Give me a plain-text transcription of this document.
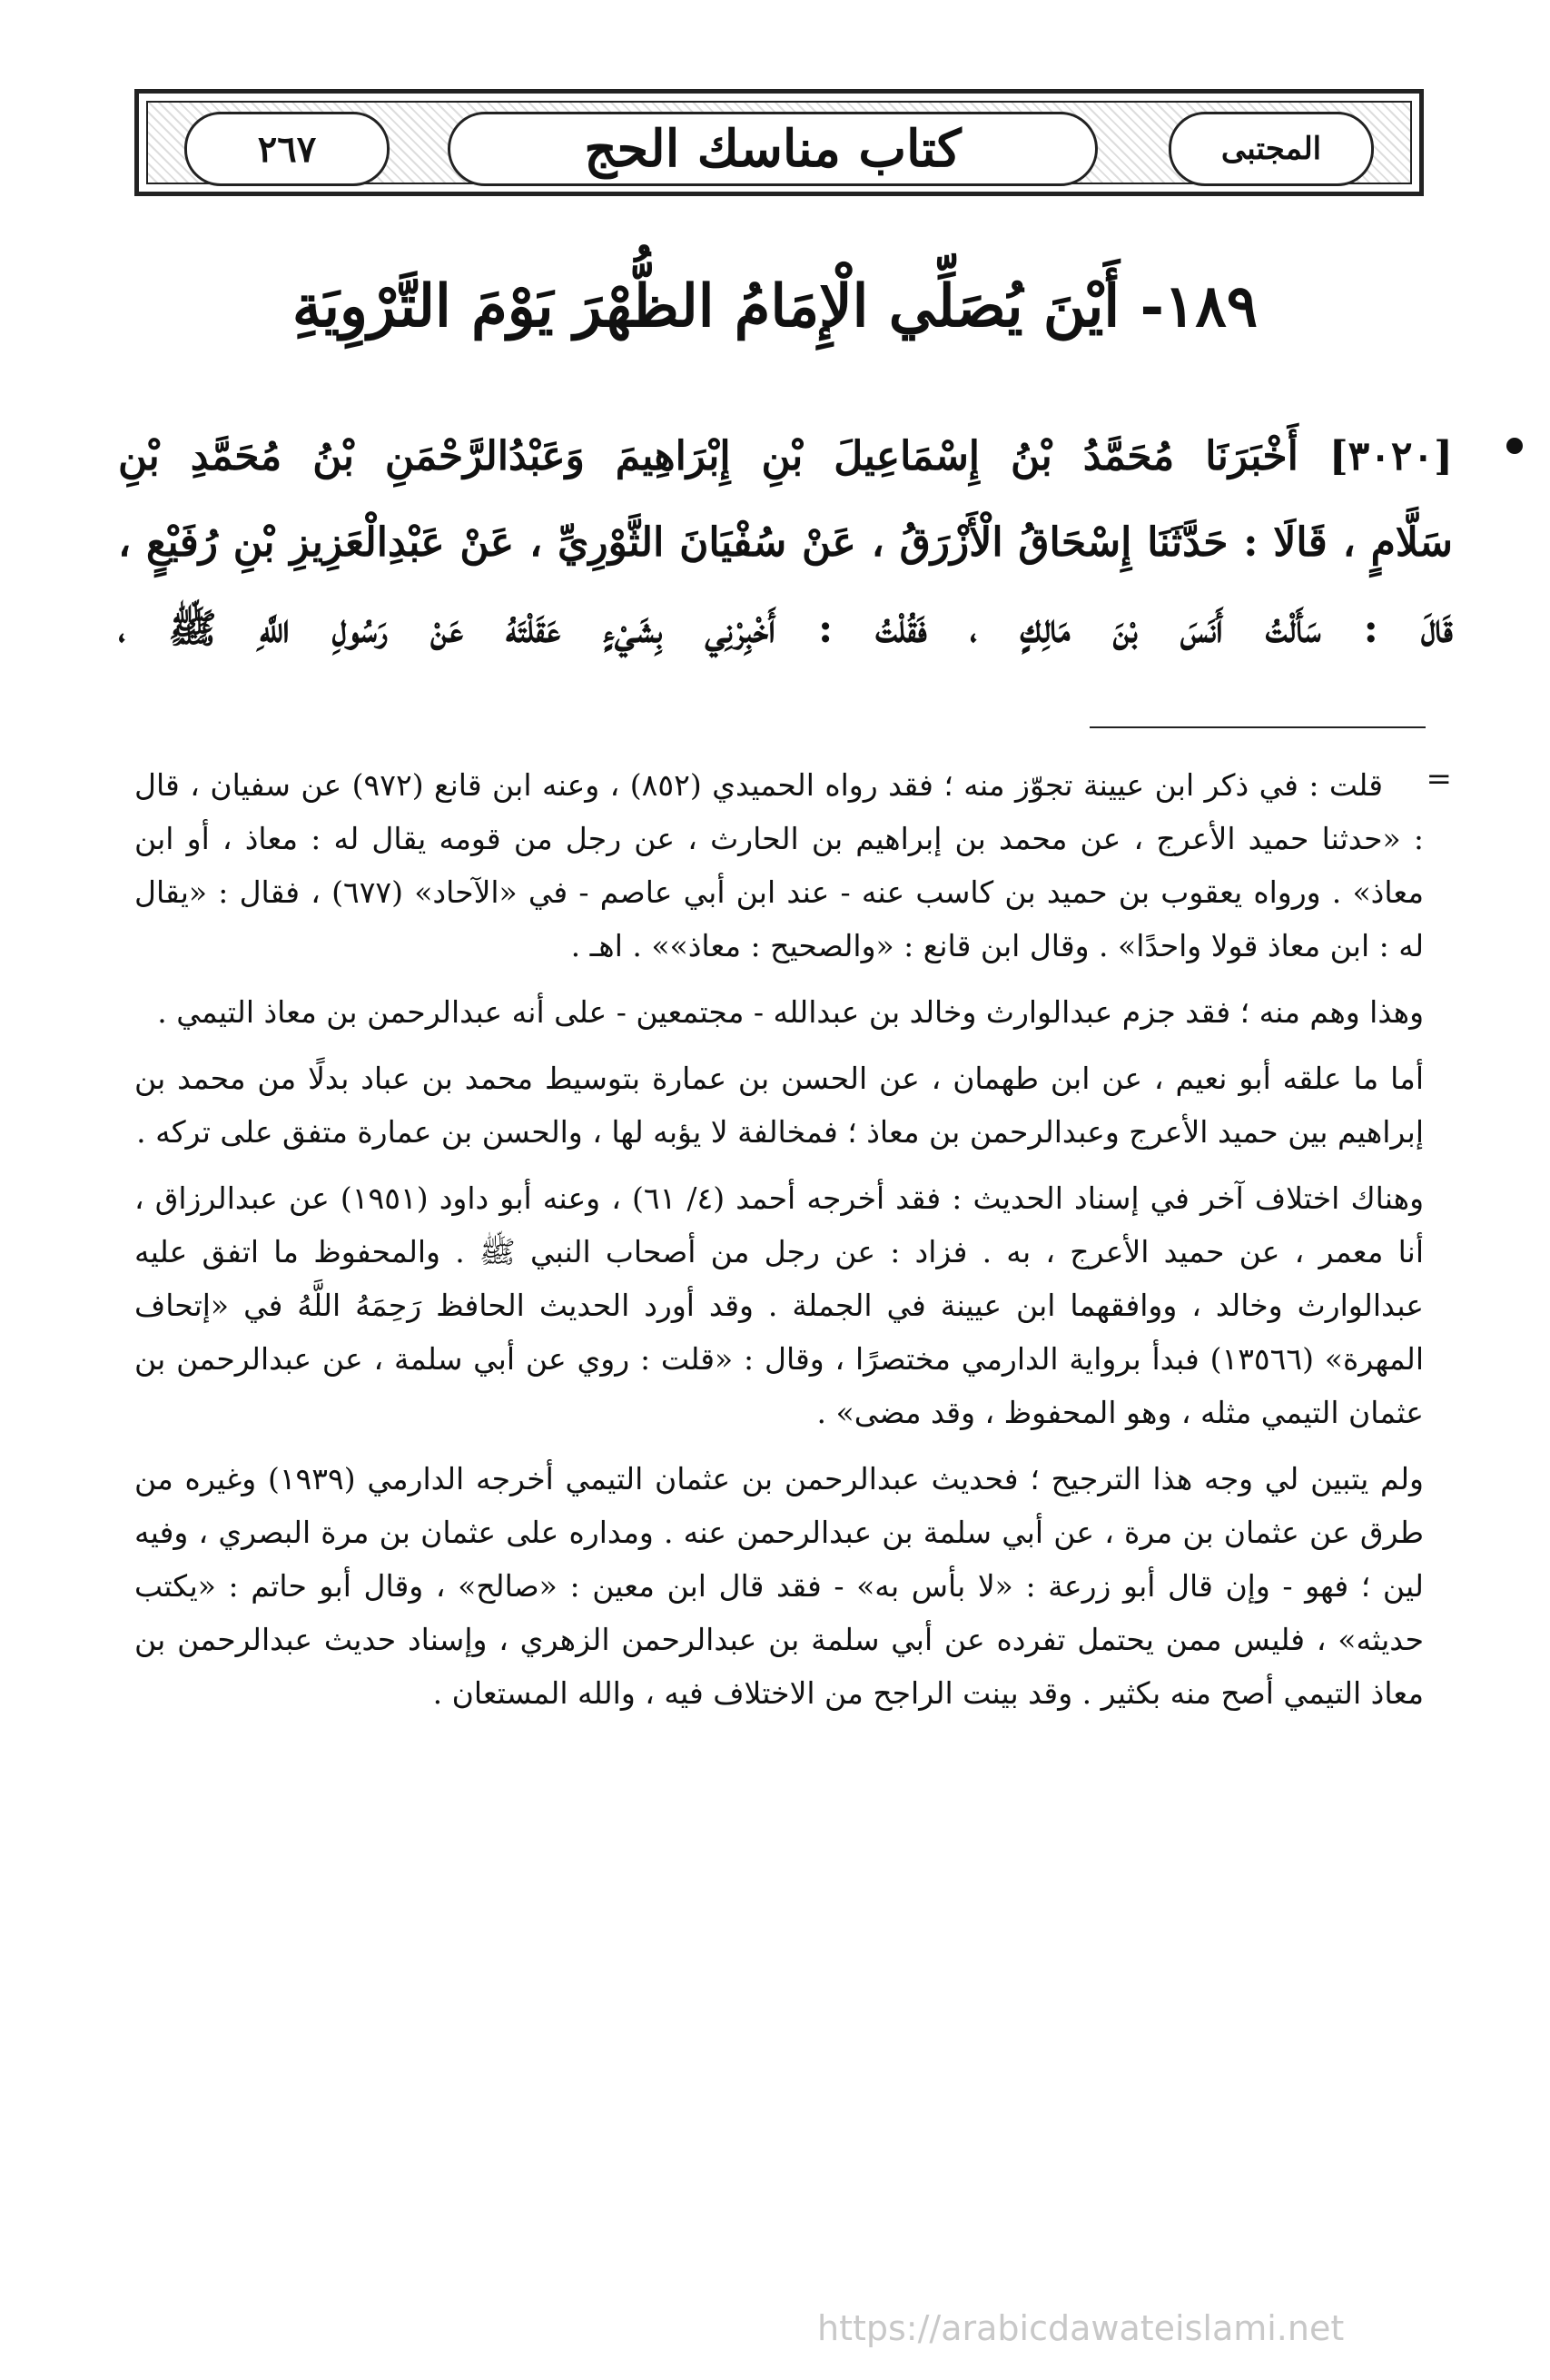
٢٦٧	كتاب مناسك الحج	المجتبى
١٨٩- أَيْنَ يُصَلِّي الْإِمَامُ الظُّهْرَ يَوْمَ التَّرْوِيَةِ
[٣٠٢٠] أَخْبَرَنَا مُحَمَّدُ بْنُ إِسْمَاعِيلَ بْنِ إِبْرَاهِيمَ وَعَبْدُالرَّحْمَنِ بْنُ مُحَمَّدِ بْنِ
سَلَّامٍ ، قَالَا : حَدَّثَنَا إِسْحَاقُ الْأَزْرَقُ ، عَنْ سُفْيَانَ الثَّوْرِيِّ ، عَنْ عَبْدِالْعَزِيزِ بْنِ رُفَيْعٍ ،
قَالَ : سَأَلْتُ أَنَسَ بْنَ مَالِكٍ ، فَقُلْتُ : أَخْبِرْنِي بِشَيْءٍ عَقَلْتَهُ عَنْ رَسُولِ اللَّهِ ﷺ ،
=

قلت : في ذكر ابن عيينة تجوّز منه ؛ فقد رواه الحميدي (٨٥٢) ، وعنه ابن قانع (٩٧٢) عن سفيان ، قال : «حدثنا حميد الأعرج ، عن محمد بن إبراهيم بن الحارث ، عن رجل من قومه يقال له : معاذ ، أو ابن معاذ» . ورواه يعقوب بن حميد بن كاسب عنه - عند ابن أبي عاصم - في «الآحاد» (٦٧٧) ، فقال : «يقال له : ابن معاذ قولا واحدًا» . وقال ابن قانع : «والصحيح : معاذ»» . اهـ .

وهذا وهم منه ؛ فقد جزم عبدالوارث وخالد بن عبدالله - مجتمعين - على أنه عبدالرحمن بن معاذ التيمي .

أما ما علقه أبو نعيم ، عن ابن طهمان ، عن الحسن بن عمارة بتوسيط محمد بن عباد بدلًا من محمد بن إبراهيم بين حميد الأعرج وعبدالرحمن بن معاذ ؛ فمخالفة لا يؤبه لها ، والحسن بن عمارة متفق على تركه .

وهناك اختلاف آخر في إسناد الحديث : فقد أخرجه أحمد (٤/ ٦١) ، وعنه أبو داود (١٩٥١) عن عبدالرزاق ، أنا معمر ، عن حميد الأعرج ، به . فزاد : عن رجل من أصحاب النبي ﷺ . والمحفوظ ما اتفق عليه عبدالوارث وخالد ، ووافقهما ابن عيينة في الجملة . وقد أورد الحديث الحافظ رَحِمَهُ اللَّهُ في «إتحاف المهرة» (١٣٥٦٦) فبدأ برواية الدارمي مختصرًا ، وقال : «قلت : روي عن أبي سلمة ، عن عبدالرحمن بن عثمان التيمي مثله ، وهو المحفوظ ، وقد مضى» .

ولم يتبين لي وجه هذا الترجيح ؛ فحديث عبدالرحمن بن عثمان التيمي أخرجه الدارمي (١٩٣٩) وغيره من طرق عن عثمان بن مرة ، عن أبي سلمة بن عبدالرحمن عنه . ومداره على عثمان بن مرة البصري ، وفيه لين ؛ فهو - وإن قال أبو زرعة : «لا بأس به» - فقد قال ابن معين : «صالح» ، وقال أبو حاتم : «يكتب حديثه» ، فليس ممن يحتمل تفرده عن أبي سلمة بن عبدالرحمن الزهري ، وإسناد حديث عبدالرحمن بن معاذ التيمي أصح منه بكثير . وقد بينت الراجح من الاختلاف فيه ، والله المستعان .

https://arabicdawateislami.net
